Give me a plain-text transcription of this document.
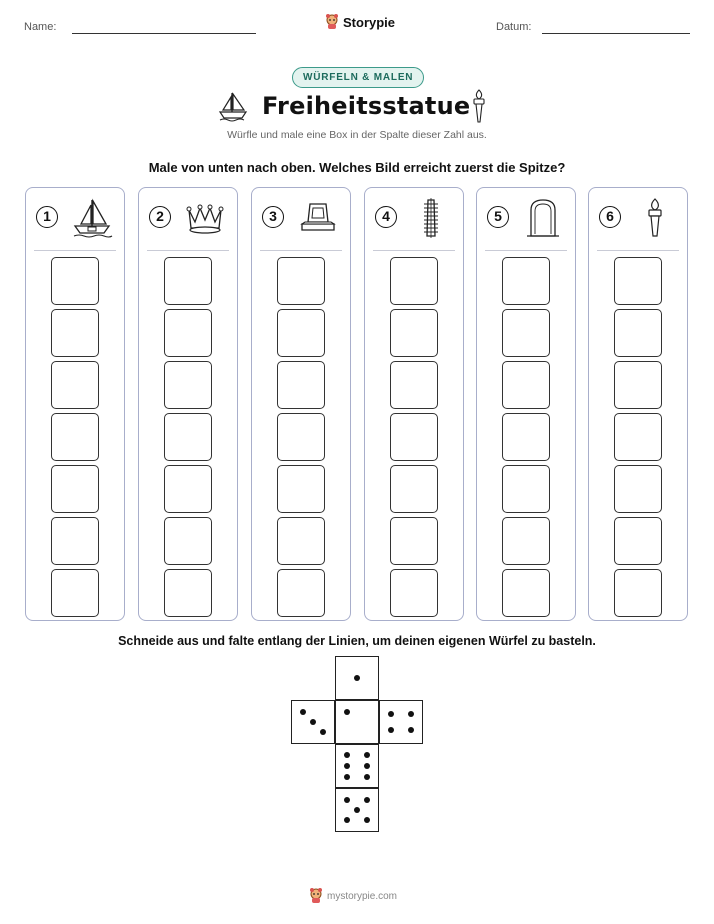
Name:	Storypie	Datum:
WÜRFELN & MALEN
Freiheitsstatue
Würfle und male eine Box in der Spalte dieser Zahl aus.
Male von unten nach oben. Welches Bild erreicht zuerst die Spitze?
1	2	3	4	5	6
Schneide aus und falte entlang der Linien, um deinen eigenen Würfel zu basteln.
mystorypie.com
